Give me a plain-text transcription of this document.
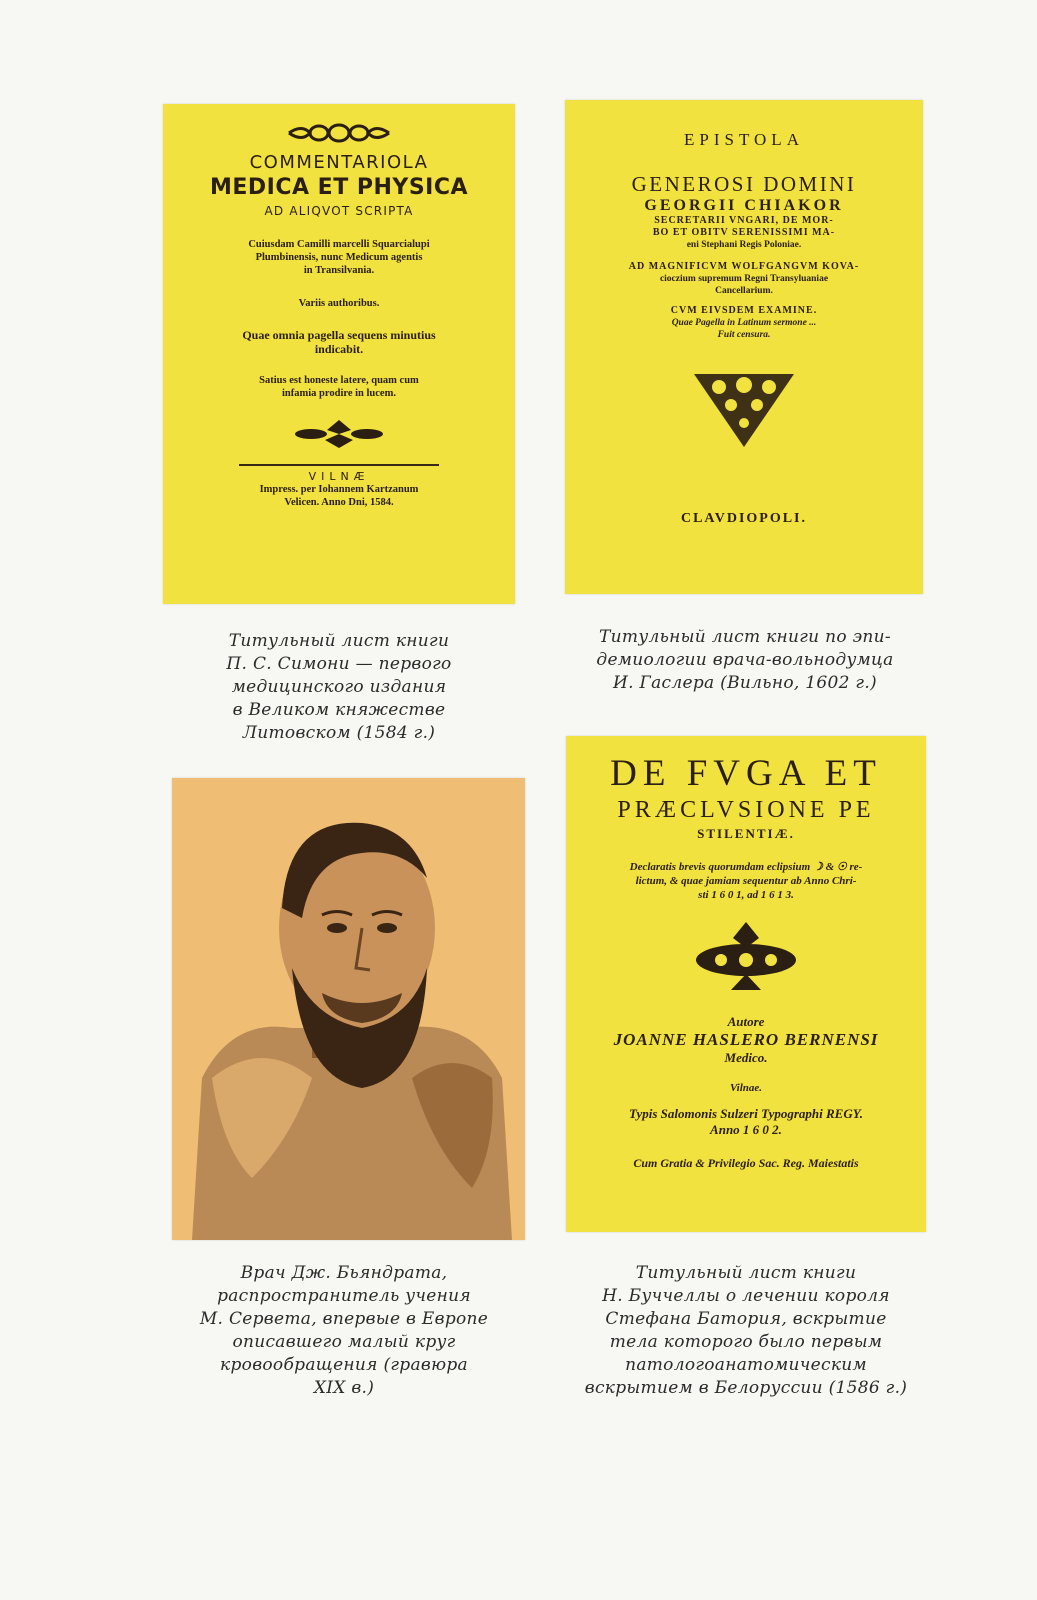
COMMENTARIOLA
MEDICA ET PHYSICA
AD ALIQVOT SCRIPTA
Cuiusdam Camilli marcelli Squarcialupi
Plumbinensis, nunc Medicum agentis
in Transilvania.
Variis authoribus.
Quae omnia pagella sequens minutius
indicabit.
Satius est honeste latere, quam cum
infamia prodire in lucem.
VILNÆ
Impress. per Iohannem Kartzanum
Velicen. Anno Dni, 1584.
Титульный лист книги
П. С. Симони — первого
медицинского издания
в Великом княжестве
Литовском (1584 г.)
EPISTOLA
GENEROSI DOMINI
GEORGII CHIAKOR
SECRETARII VNGARI, DE MOR-
BO ET OBITV SERENISSIMI MA-
eni Stephani Regis Poloniae.
AD MAGNIFICVM WOLFGANGVM KOVA-
cioczium supremum Regni Transyluaniae
Cancellarium.
CVM EIVSDEM EXAMINE.
Quae Pagella in Latinum sermone ...
Fuit censura.
CLAVDIOPOLI.
Титульный лист книги по эпи-
демиологии врача-вольнодумца
И. Гаслера (Вильно, 1602 г.)
Врач Дж. Бьяндрата,
распространитель учения
М. Сервета, впервые в Европе
описавшего малый круг
кровообращения (гравюра
XIX в.)
DE FVGA ET
PRÆCLVSIONE PE
STILENTIÆ.
Declaratis brevis quorumdam eclipsium ☽ & ☉ re-
lictum, & quae jamiam sequentur ab Anno Chri-
sti 1 6 0 1, ad 1 6 1 3.
Autore
JOANNE HASLERO BERNENSI
Medico.
Vilnae.
Typis Salomonis Sulzeri Typographi REGY.
Anno 1 6 0 2.
Cum Gratia & Privilegio Sac. Reg. Maiestatis
Титульный лист книги
Н. Буччеллы о лечении короля
Стефана Батория, вскрытие
тела которого было первым
патологоанатомическим
вскрытием в Белоруссии (1586 г.)
